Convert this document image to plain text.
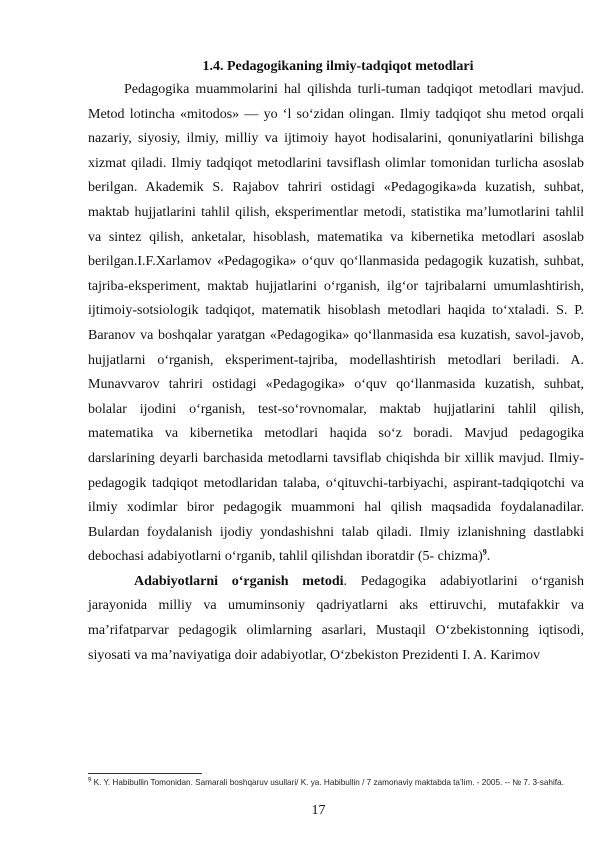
1.4. Pedagogikaning ilmiy-tadqiqot metodlari

Pedagogika muammolarini hal qilishda turli-tuman tadqiqot metodlari mavjud. Metod lotincha «mitodos» — yo ‘l so‘zidan olingan. Ilmiy tadqiqot shu metod orqali nazariy, siyosiy, ilmiy, milliy va ijtimoiy hayot hodisalarini, qonuniyatlarini bilishga xizmat qiladi. Ilmiy tadqiqot metodlarini tavsiflash olimlar tomonidan turlicha asoslab berilgan. Akademik S. Rajabov tahriri ostidagi «Pedagogika»da kuzatish, suhbat, maktab hujjatlarini tahlil qilish, eksperimentlar metodi, statistika ma’lumotlarini tahlil va sintez qilish, anketalar, hisoblash, matematika va kibernetika metodlari asoslab berilgan.I.F.Xarlamov «Pedagogika» o‘quv qo‘llanmasida pedagogik kuzatish, suhbat, tajriba-eksperiment, maktab hujjatlarini o‘rganish, ilg‘or tajribalarni umumlashtirish, ijtimoiy-sotsiologik tadqiqot, matematik hisoblash metodlari haqida to‘xtaladi. S. P. Baranov va boshqalar yaratgan «Pedagogika» qo‘llanmasida esa kuzatish, savol-javob, hujjatlarni o‘rganish, eksperiment-tajriba, modellashtirish metodlari beriladi. A. Munavvarov tahriri ostidagi «Pedagogika» o‘quv qo‘llanmasida kuzatish, suhbat, bolalar ijodini o‘rganish, test-so‘rovnomalar, maktab hujjatlarini tahlil qilish, matematika va kibernetika metodlari haqida so‘z boradi. Mavjud pedagogika darslarining deyarli barchasida metodlarni tavsiflab chiqishda bir xillik mavjud. Ilmiy-pedagogik tadqiqot metodlaridan talaba, o‘qituvchi-tarbiyachi, aspirant-tadqiqotchi va ilmiy xodimlar biror pedagogik muammoni hal qilish maqsadida foydalanadilar. Bulardan foydalanish ijodiy yondashishni talab qiladi. Ilmiy izlanishning dastlabki debochasi adabiyotlarni o‘rganib, tahlil qilishdan iboratdir (5- chizma)$^9$.

Adabiyotlarni o‘rganish metodi. Pedagogika adabiyotlarini o‘rganish jarayonida milliy va umuminsoniy qadriyatlarni aks ettiruvchi, mutafakkir va ma’rifatparvar pedagogik olimlarning asarlari, Mustaqil O‘zbekistonning iqtisodi, siyosati va ma’naviyatiga doir adabiyotlar, O‘zbekiston Prezidenti I. A. Karimov

$^9$ K. Y. Habibullin Tomonidan. Samarali boshqaruv usullari/ K. ya. Habibullin / 7 zamonaviy maktabda ta’lim. - 2005. -- № 7. 3-sahifa.

17
